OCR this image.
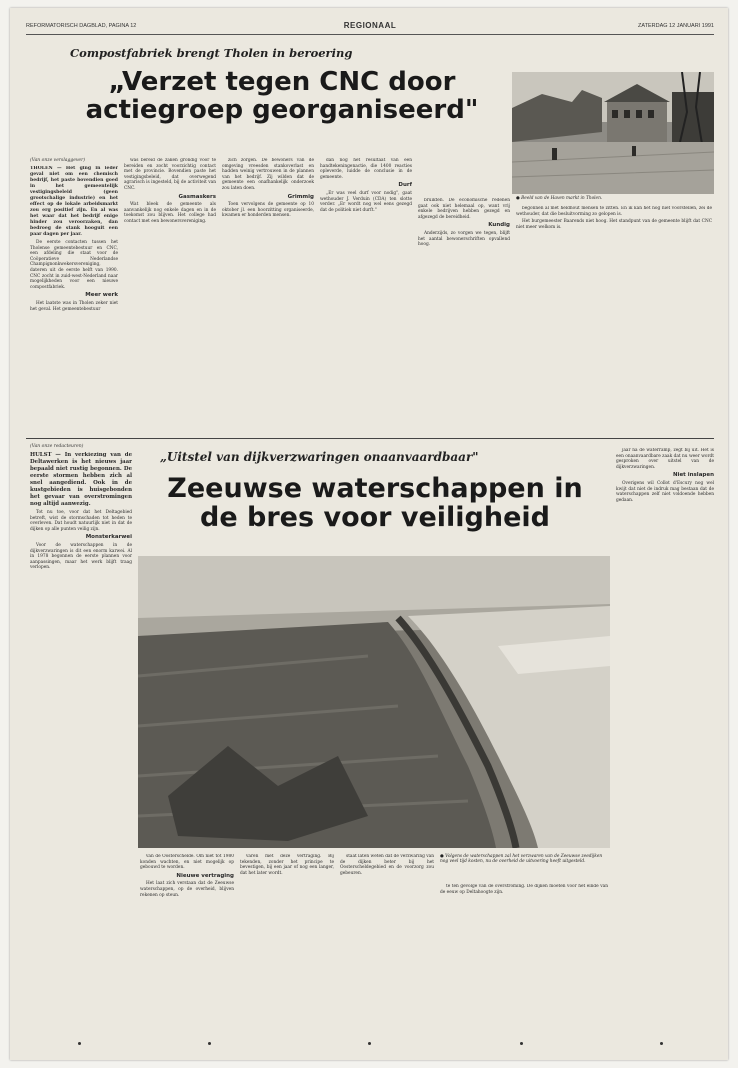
REFORMATORISCH DAGBLAD, PAGINA 12	REGIONAAL	ZATERDAG 12 JANUARI 1991
Compostfabriek brengt Tholen in beroering
„Verzet tegen CNC door
actiegroep georganiseerd"
(Van onze verslaggever)

THOLEN — Het ging in ieder geval niet om een chemisch bedrijf, het paste bovendien goed in het gemeentelijk vestigingsbeleid (geen grootschalige industrie) en het effect op de lokale arbeidsmarkt zou erg positief zijn. En al was het waar dat het bedrijf enige hinder zou veroorzaken, dan bedroeg de stank hooguit een paar dagen per jaar.

De eerste contacten tussen het Tholense gemeentebestuur en CNC, een afdeling die staat voor de Coöperatieve Nederlandse Champignonkwekersvereniging, dateren uit de eerste helft van 1990. CNC zocht in zuid-west-Nederland naar mogelijkheden voor een nieuwe compostfabriek.

Meer werk

Het laatste was in Tholen zeker niet het geval. Het gemeentebestuur

was bereid de zaken grondig voor te bereiden en zocht voorzichtig contact met de provincie. Bovendien paste het vestigingsbeleid, dat overwegend agrarisch is ingesteld, bij de activiteit van CNC.

Gasmaskers

Wat bleek de gemeente als aanvankelijk nog enkele dagen en in de toekomst zou blijven. Het college had contact met een bewonersvereniging.

zich zorgen. De bewoners van de omgeving vreesden stankoverlast en hadden weinig vertrouwen in de plannen van het bedrijf. Zij wilden dat de gemeente een onafhankelijk onderzoek zou laten doen.

Grimmig

Toen vervolgens de gemeente op 10 oktober jl. een hoorzitting organiseerde, kwamen er honderden mensen.

dan nog het resultaat van een handtekeningenactie, die 1400 reacties opleverde, luidde de conclusie in de gemeente.

Durf

„Er was veel durf voor nodig", gaat wethouder J. Verduin (CDA) ten slotte verder. „Er wordt nog wel eens gezegd dat de politiek niet durft."

bruikten. De economische redenen gaat ook niet helemaal op, want vrij enkele bedrijven hebben gezegd en afgezegd de bereidheid.

Kundig

Anderzijds, zo vorgen we tegen, blijft het aantal bewonerschriften opvallend hoog.

● Beeld van de Haven markt in Tholen.

begonnen al met heldhout mensen te zitten. En ik kan het nog niet voorstellen, zei de wethouder, dat die besluitvorming zo gelopen is.

Het burgemeester Baarends niet hoog. Het standpunt van de gemeente blijft dat CNC niet meer welkom is.

(Van onze redacteuren)

HULST — In verkiezing van de Deltawerken is het nieuws jaar bepaald niet rustig begonnen. De eerste stormen hebben zich al snel aangediend. Ook in de kustgebieden is huisgebonden het gevaar van overstromingen nog altijd aanwezig.

Tot nu toe, voor dat het Deltagebied betreft, wist de stormschaden tot heden te overleven. Dat houdt natuurlijk niet in dat de dijken op alle punten veilig zijn.

Monsterkarwei

Voor de waterschappen in de dijkverzwaringen is dit een enorm karwei. Al in 1978 begonnen de eerste plannen voor aanpassingen, maar het werk blijft traag verlopen.

„Uitstel van dijkverzwaringen onaanvaardbaar"
Zeeuwse waterschappen in
de bres voor veiligheid

van de Oosterschelde. Om niet tot 1980 konden wachten, en niet mogelijk op gebouwd te worden.

Nieuwe vertraging

Het laat zich verstaan dat de Zeeuwse waterschappen, op de overheid, blijven rekenen op steun.

varen met deze vertraging. Bij tekenden, zonder het principe te bevestigen, bij een jaar of nog een langer, dat het later wordt.

staat laten weten dat de verzwaring van de dijken beter bij het Oosterscheldegebied en de voorzorg zou gebeuren.

● Volgens de waterschappen zal het verzwaren van de Zeeuwse zeedijken nog veel tijd kosten, nu de overheid de uitvoering heeft uitgesteld.

te ten gevolge van de overstroming. De dijken moeten voor het einde van de eeuw op Deltahoogte zijn.

jaar na de waterramp, zegt bij uit. Het is een onaanvaardbare zaak dat nu weer wordt gesproken over uitstel van de dijkverzwaringen.

Niet inslapen

Overigens wil Collot d'Escury nog wel kwijt dat niet de indruk mag bestaan dat de waterschappen zelf niet voldoende hebben gedaan.
